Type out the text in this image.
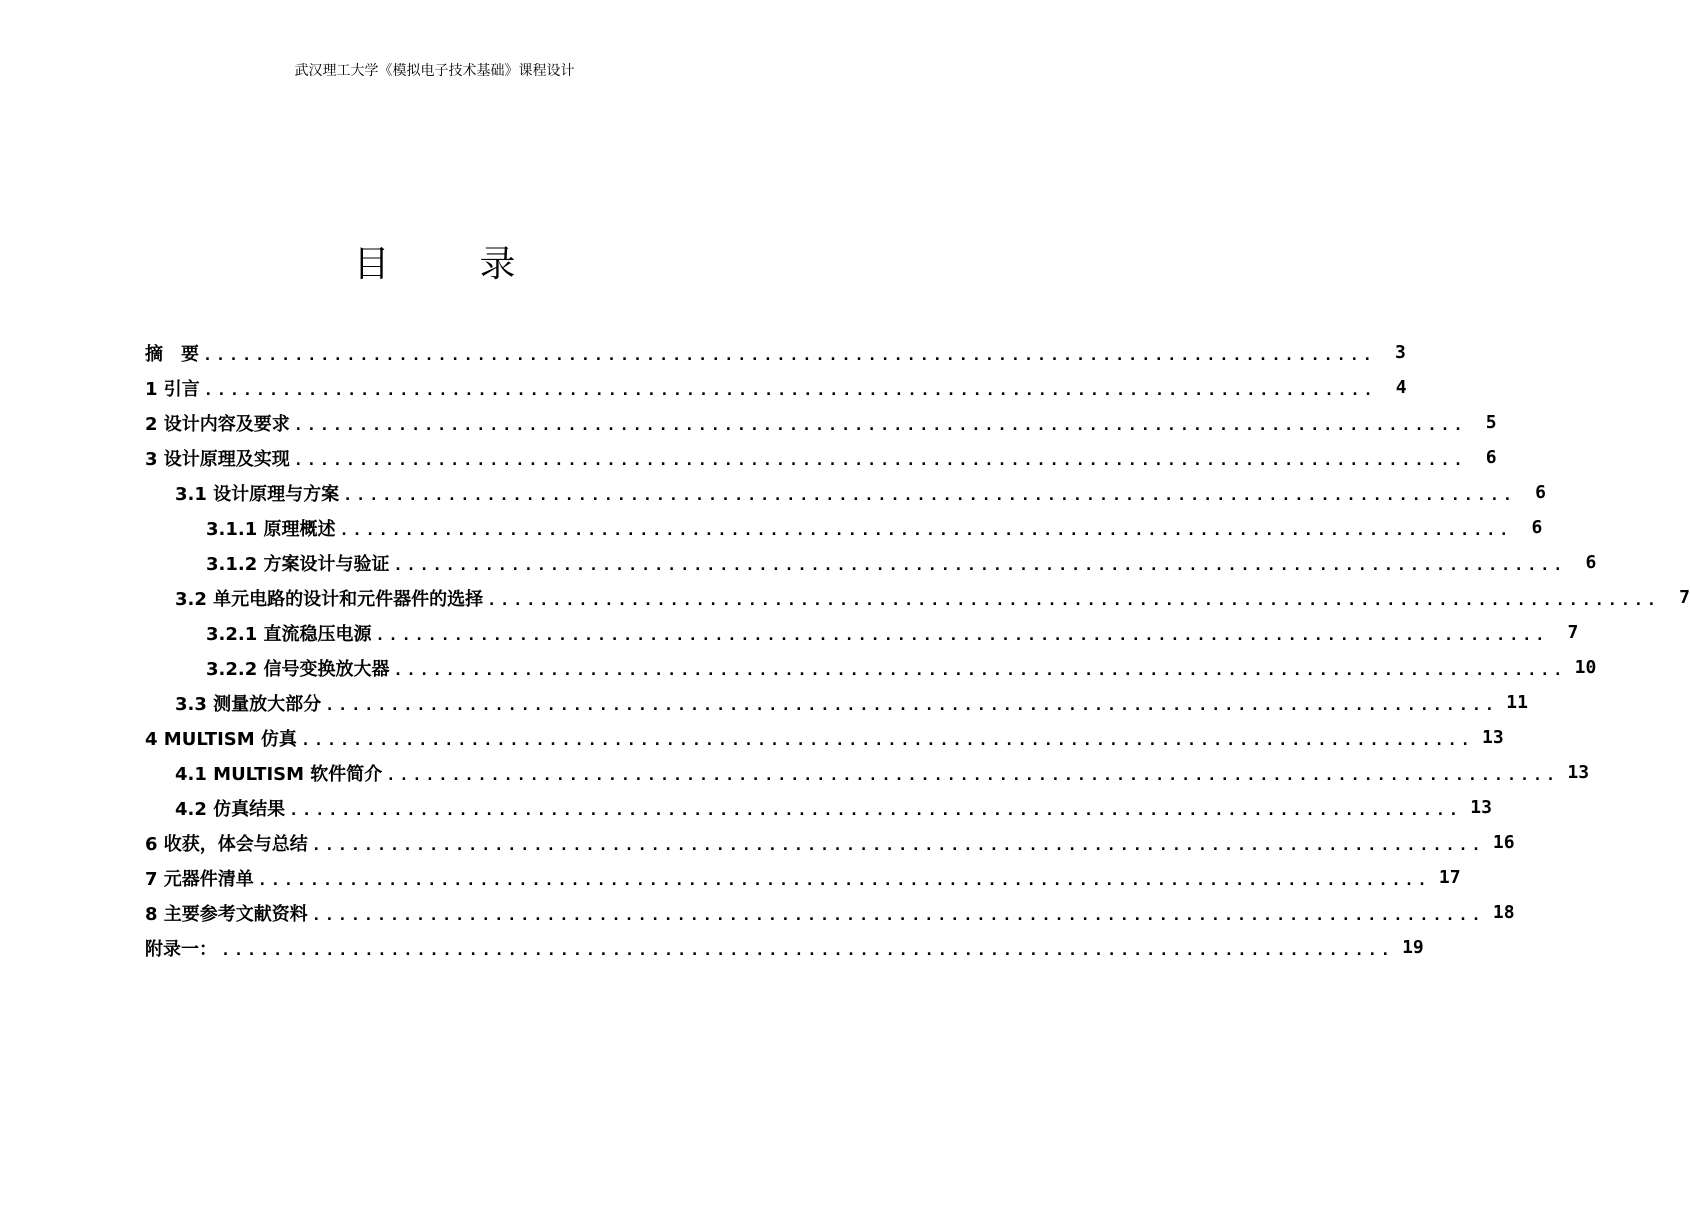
武汉理工大学《模拟电子技术基础》课程设计
目	录
摘　要 ..........................................................................................	3
1 引言 ..........................................................................................	4
2 设计内容及要求 ..........................................................................................	5
3 设计原理及实现 ..........................................................................................	6
3.1 设计原理与方案 ..........................................................................................	6
3.1.1 原理概述 ..........................................................................................	6
3.1.2 方案设计与验证 ..........................................................................................	6
3.2 单元电路的设计和元件器件的选择 ..........................................................................................	7
3.2.1 直流稳压电源 ..........................................................................................	7
3.2.2 信号变换放大器 .......................................................................................... 10
3.3 测量放大部分 .......................................................................................... 11
4 MULTISM 仿真 .......................................................................................... 13
4.1 MULTISM 软件简介 .......................................................................................... 13
4.2 仿真结果 .......................................................................................... 13
6 收获，体会与总结 .......................................................................................... 16
7 元器件清单 .......................................................................................... 17
8 主要参考文献资料 .......................................................................................... 18
附录一： .......................................................................................... 19
